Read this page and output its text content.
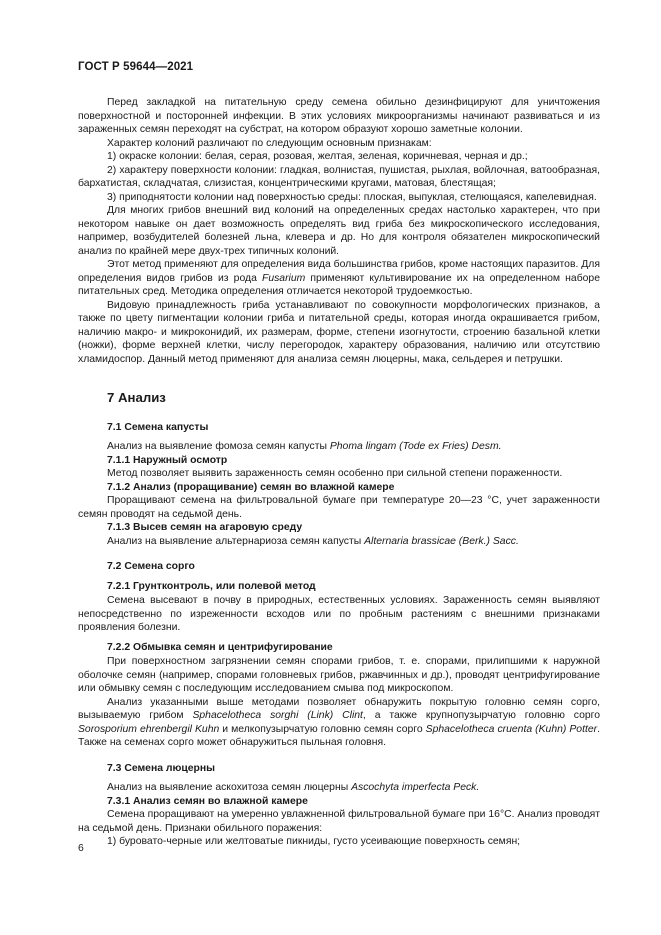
ГОСТ Р 59644—2021

Перед закладкой на питательную среду семена обильно дезинфицируют для уничтожения поверхностной и посторонней инфекции. В этих условиях микроорганизмы начинают развиваться и из зараженных семян переходят на субстрат, на котором образуют хорошо заметные колонии.

Характер колоний различают по следующим основным признакам:

1) окраске колонии: белая, серая, розовая, желтая, зеленая, коричневая, черная и др.;

2) характеру поверхности колонии: гладкая, волнистая, пушистая, рыхлая, войлочная, ватообразная, бархатистая, складчатая, слизистая, концентрическими кругами, матовая, блестящая;

3) приподнятости колонии над поверхностью среды: плоская, выпуклая, стелющаяся, капелевидная.

Для многих грибов внешний вид колоний на определенных средах настолько характерен, что при некотором навыке он дает возможность определять вид гриба без микроскопического исследования, например, возбудителей болезней льна, клевера и др. Но для контроля обязателен микроскопический анализ по крайней мере двух-трех типичных колоний.

Этот метод применяют для определения вида большинства грибов, кроме настоящих паразитов. Для определения видов грибов из рода Fusarium применяют культивирование их на определенном наборе питательных сред. Методика определения отличается некоторой трудоемкостью.

Видовую принадлежность гриба устанавливают по совокупности морфологических признаков, а также по цвету пигментации колонии гриба и питательной среды, которая иногда окрашивается грибом, наличию макро- и микроконидий, их размерам, форме, степени изогнутости, строению базальной клетки (ножки), форме верхней клетки, числу перегородок, характеру образования, наличию или отсутствию хламидоспор. Данный метод применяют для анализа семян люцерны, мака, сельдерея и петрушки.

7 Анализ
7.1 Семена капусты

Анализ на выявление фомоза семян капусты Phoma lingam (Tode ex Fries) Desm.

7.1.1 Наружный осмотр

Метод позволяет выявить зараженность семян особенно при сильной степени пораженности.

7.1.2 Анализ (проращивание) семян во влажной камере

Проращивают семена на фильтровальной бумаге при температуре 20—23 °С, учет зараженности семян проводят на седьмой день.

7.1.3 Высев семян на агаровую среду

Анализ на выявление альтернариоза семян капусты Alternaria brassicae (Berk.) Sacc.

7.2 Семена сорго
7.2.1 Грунтконтроль, или полевой метод

Семена высевают в почву в природных, естественных условиях. Зараженность семян выявляют непосредственно по изреженности всходов или по пробным растениям с внешними признаками проявления болезни.

7.2.2 Обмывка семян и центрифугирование

При поверхностном загрязнении семян спорами грибов, т. е. спорами, прилипшими к наружной оболочке семян (например, спорами головневых грибов, ржавчинных и др.), проводят центрифугирование или обмывку семян с последующим исследованием смыва под микроскопом.

Анализ указанными выше методами позволяет обнаружить покрытую головню семян сорго, вызываемую грибом Sphacelotheca sorghi (Link) Clint, а также крупнопузырчатую головню сорго Sorosporium ehrenbergil Kuhn и мелкопузырчатую головню семян сорго Sphacelotheca cruenta (Kuhn) Potter. Также на семенах сорго может обнаружиться пыльная головня.

7.3 Семена люцерны

Анализ на выявление аскохитоза семян люцерны Ascochyta imperfecta Peck.

7.3.1 Анализ семян во влажной камере

Семена проращивают на умеренно увлажненной фильтровальной бумаге при 16°С. Анализ проводят на седьмой день. Признаки обильного поражения:

1) буровато-черные или желтоватые пикниды, густо усеивающие поверхность семян;

6
